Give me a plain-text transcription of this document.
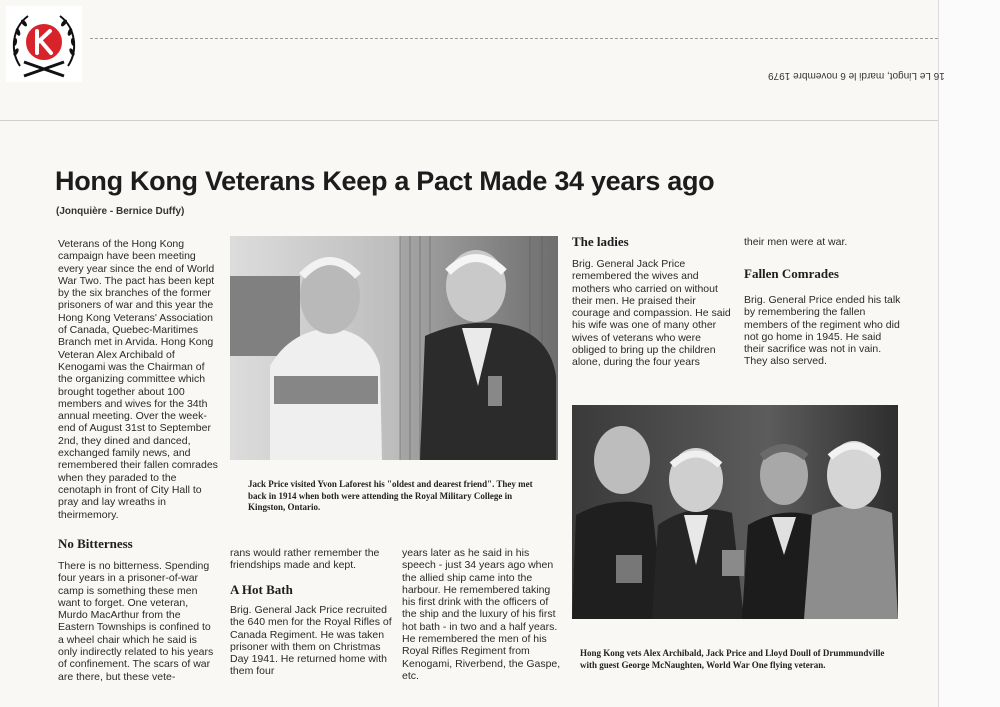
16 Le Lingot, mardi le 6 novembre 1979
Hong Kong Veterans Keep a Pact Made 34 years ago
(Jonquière - Bernice Duffy)

Veterans of the Hong Kong campaign have been meeting every year since the end of World War Two. The pact has been kept by the six branches of the former prisoners of war and this year the Hong Kong Veterans' Association of Canada, Quebec-Maritimes Branch met in Arvida. Hong Kong Veteran Alex Archibald of Kenogami was the Chairman of the organizing committee which brought together about 100 members and wives for the 34th annual meeting. Over the week-end of August 31st to September 2nd, they dined and danced, exchanged family news, and remembered their fallen comrades when they paraded to the cenotaph in front of City Hall to pray and lay wreaths in theirmemory.

No Bitterness
There is no bitterness. Spending four years in a prisoner-of-war camp is something these men want to forget. One veteran, Murdo MacArthur from the Eastern Townships is confined to a wheel chair which he said is only indirectly related to his years of confinement. The scars of war are there, but these vete-
rans would rather remember the friendships made and kept.
A Hot Bath
Brig. General Jack Price recruited the 640 men for the Royal Rifles of Canada Regiment. He was taken prisoner with them on Christmas Day 1941. He returned home with them four
years later as he said in his speech - just 34 years ago when the allied ship came into the harbour. He remembered taking his first drink with the officers of the ship and the luxury of his first hot bath - in two and a half years. He remembered the men of his Royal Rifles Regiment from Kenogami, Riverbend, the Gaspe, etc.
Jack Price visited Yvon Laforest his "oldest and dearest friend". They met back in 1914 when both were attending the Royal Military College in Kingston, Ontario.
The ladies
Brig. General Jack Price remembered the wives and mothers who carried on without their men. He praised their courage and compassion. He said his wife was one of many other wives of veterans who were obliged to bring up the children alone, during the four years
their men were at war.
Fallen Comrades
Brig. General Price ended his talk by remembering the fallen members of the regiment who did not go home in 1945. He said their sacrifice was not in vain. They also served.
Hong Kong vets Alex Archibald, Jack Price and Lloyd Doull of Drummundville with guest George McNaughten, World War One flying veteran.
